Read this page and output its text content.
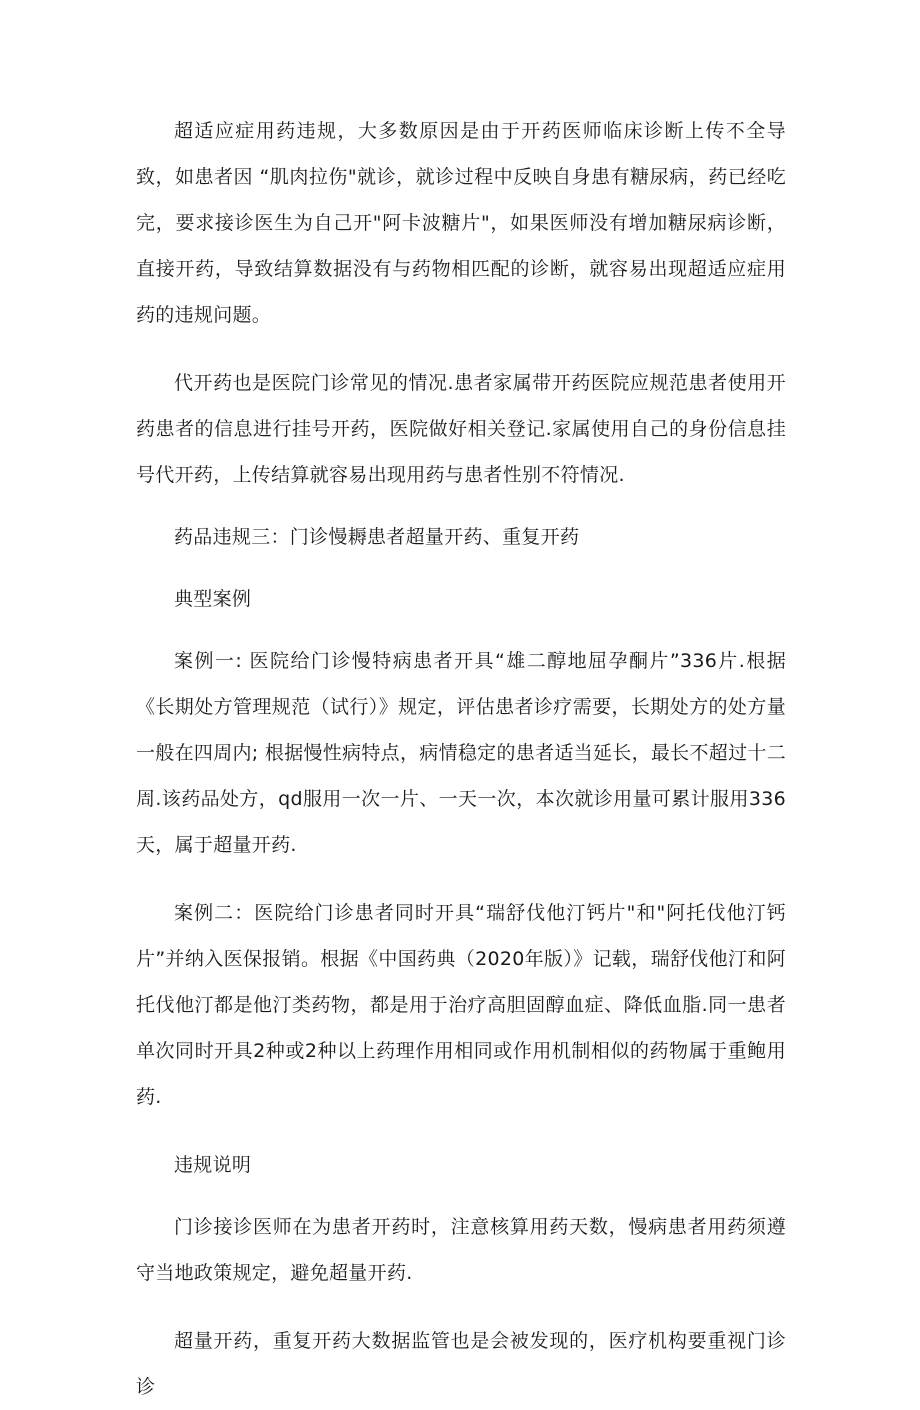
超适应症用药违规，大多数原因是由于开药医师临床诊断上传不全导致，如患者因 “肌肉拉伤"就诊，就诊过程中反映自身患有糖尿病，药已经吃完，要求接诊医生为自己开"阿卡波糖片"，如果医师没有增加糖尿病诊断，直接开药，导致结算数据没有与药物相匹配的诊断，就容易出现超适应症用药的违规问题。

代开药也是医院门诊常见的情况.患者家属带开药医院应规范患者使用开药患者的信息进行挂号开药，医院做好相关登记.家属使用自己的身份信息挂号代开药，上传结算就容易出现用药与患者性别不符情况.

药品违规三：门诊慢耨患者超量开药、重复开药

典型案例

案例一: 医院给门诊慢特病患者开具“雄二醇地屈孕酮片”336片.根据《长期处方管理规范（试行）》规定，评估患者诊疗需要，长期处方的处方量一般在四周内; 根据慢性病特点，病情稳定的患者适当延长，最长不超过十二周.该药品处方，qd服用一次一片、一天一次，本次就诊用量可累计服用336天，属于超量开药.

案例二：医院给门诊患者同时开具“瑞舒伐他汀钙片"和"阿托伐他汀钙片”并纳入医保报销。根据《中国药典（2020年版）》记载，瑞舒伐他汀和阿托伐他汀都是他汀类药物，都是用于治疗高胆固醇血症、降低血脂.同一患者单次同时开具2种或2种以上药理作用相同或作用机制相似的药物属于重鲍用药.

违规说明

门诊接诊医师在为患者开药时，注意核算用药天数，慢病患者用药须遵守当地政策规定，避免超量开药.

超量开药，重复开药大数据监管也是会被发现的，医疗机构要重视门诊诊
